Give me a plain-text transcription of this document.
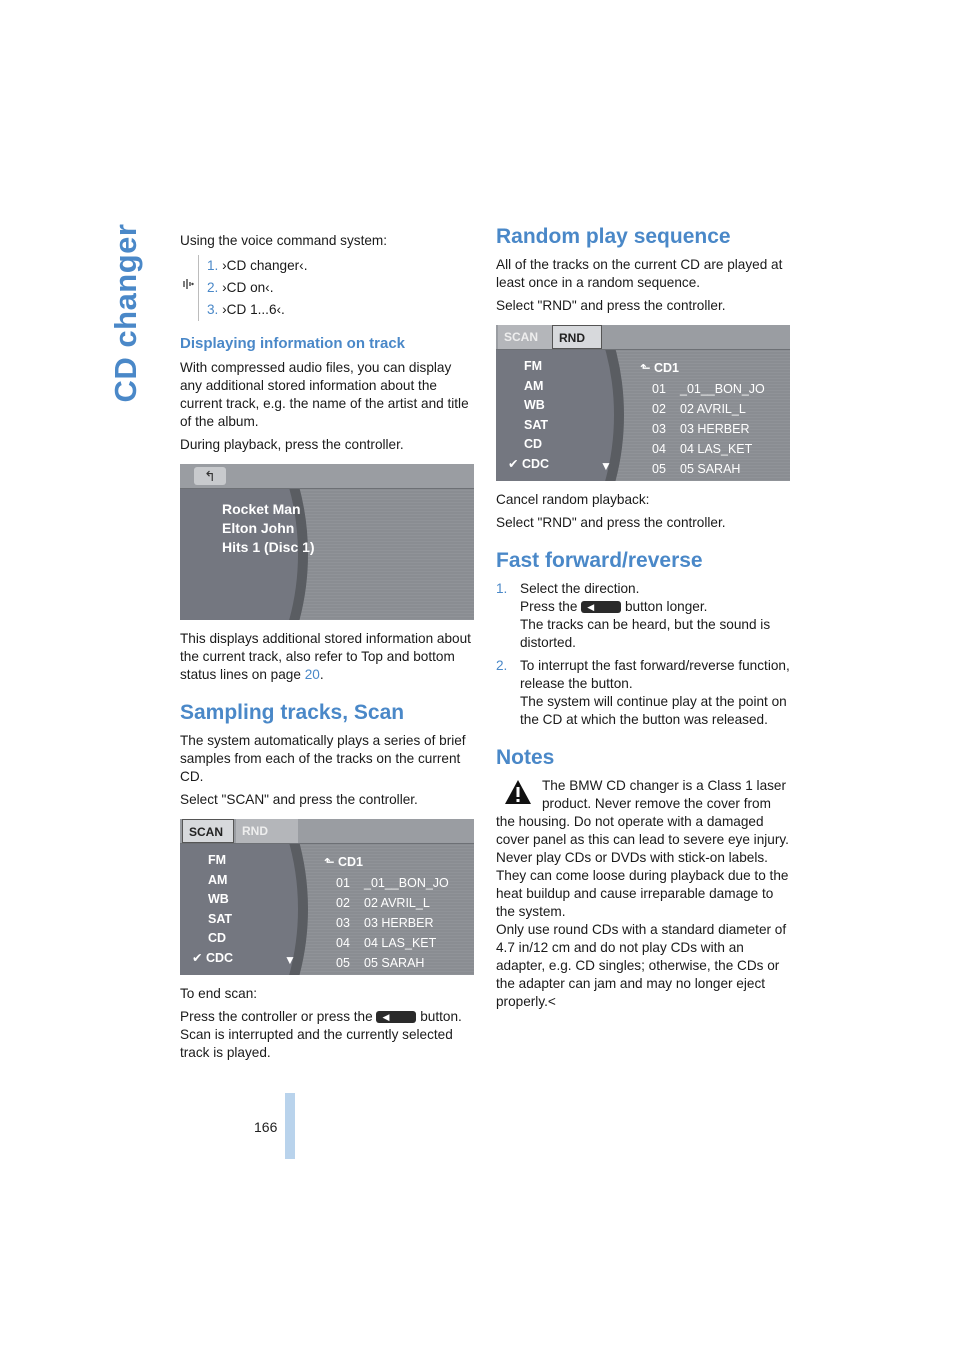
CD changer
166

Using the voice command system:

1. ›CD changer‹.
2. ›CD on‹.
3. ›CD 1...6‹.
Displaying information on track

With compressed audio files, you can display any additional stored information about the current track, e.g. the name of the artist and title of the album.

During playback, press the controller.

↰
Rocket Man
Elton John
Hits 1 (Disc 1)

This displays additional stored information about the current track, also refer to Top and bottom status lines on page 20.

Sampling tracks, Scan

The system automatically plays a series of brief samples from each of the tracks on the current CD.

Select "SCAN" and press the controller.

SCAN	RND
FM
AM
WB
SAT
CD
✔ CDC
⬑ CD1
01 _01__BON_JO
02 02 AVRIL_L
03 03 HERBER
04 04 LAS_KET
05 05 SARAH
▼

To end scan:

Press the controller or press the ◀	button. Scan is interrupted and the currently selected track is played.

Random play sequence

All of the tracks on the current CD are played at least once in a random sequence.

Select "RND" and press the controller.

SCAN	RND
FM
AM
WB
SAT
CD
✔ CDC
⬑ CD1
01 _01__BON_JO
02 02 AVRIL_L
03 03 HERBER
04 04 LAS_KET
05 05 SARAH
▼

Cancel random playback:

Select "RND" and press the controller.

Fast forward/reverse
1. Select the direction.
Press the ◀	button longer.
The tracks can be heard, but the sound is distorted.
2. To interrupt the fast forward/reverse function, release the button.
The system will continue play at the point on the CD at which the button was released.
Notes
The BMW CD changer is a Class 1 laser product. Never remove the cover from the housing. Do not operate with a damaged cover panel as this can lead to severe eye injury.
Never play CDs or DVDs with stick-on labels. They can come loose during playback due to the heat buildup and cause irreparable damage to the system.
Only use round CDs with a standard diameter of 4.7 in/12 cm and do not play CDs with an adapter, e.g. CD singles; otherwise, the CDs or the adapter can jam and may no longer eject properly.<
